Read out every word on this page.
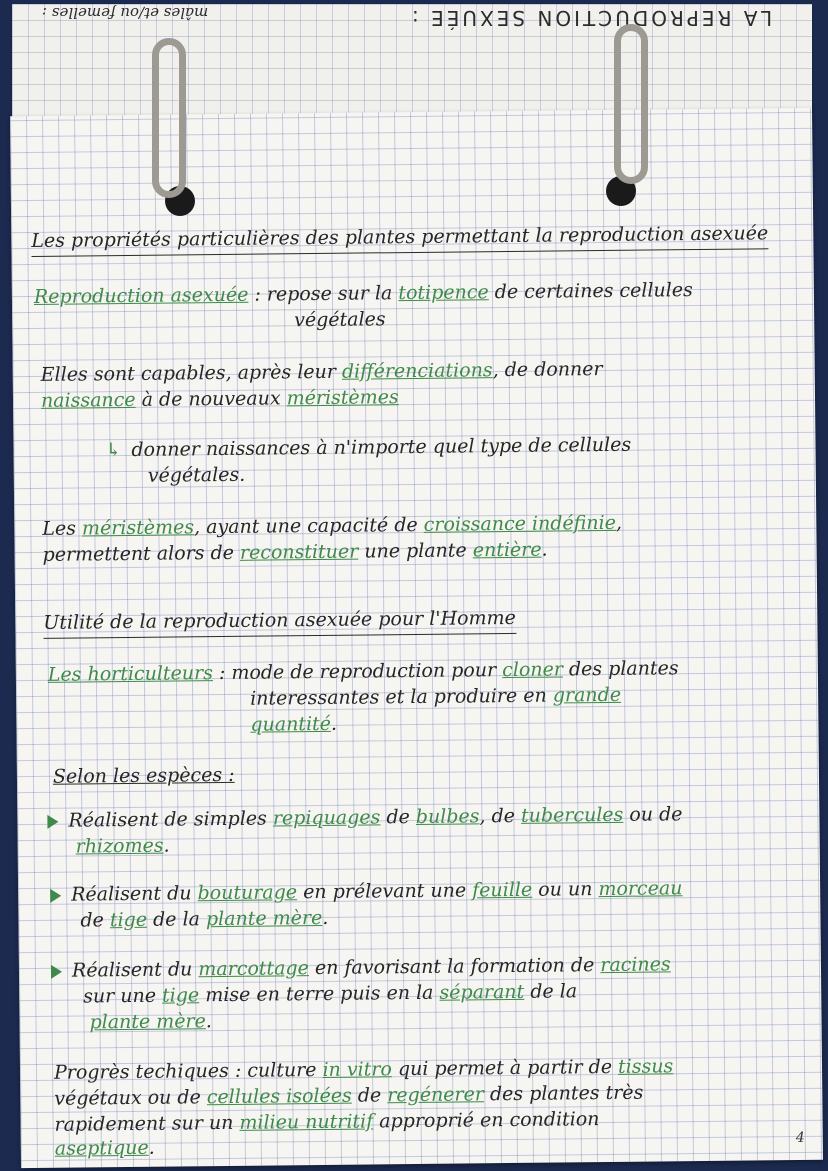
LA REPRODUCTION SEXUÉE :
mâles et/ou femelles :
Les propriétés particulières des plantes permettant la reproduction asexuée
Reproduction asexuée : repose sur la totipence de certaines cellules
végétales
Elles sont capables, après leur différenciations, de donner
naissance à de nouveaux méristèmes
↳ donner naissances à n'importe quel type de cellules
végétales.
Les méristèmes, ayant une capacité de croissance indéfinie,
permettent alors de reconstituer une plante entière.
Utilité de la reproduction asexuée pour l'Homme
Les horticulteurs : mode de reproduction pour cloner des plantes
interessantes et la produire en grande
quantité.
Selon les espèces :
Réalisent de simples repiquages de bulbes, de tubercules ou de
rhizomes.
Réalisent du bouturage en prélevant une feuille ou un morceau
de tige de la plante mère.
Réalisent du marcottage en favorisant la formation de racines
sur une tige mise en terre puis en la séparant de la
plante mère.
Progrès techiques : culture in vitro qui permet à partir de tissus
végétaux ou de cellules isolées de regénerer des plantes très
rapidement sur un milieu nutritif approprié en condition
aseptique.	4
